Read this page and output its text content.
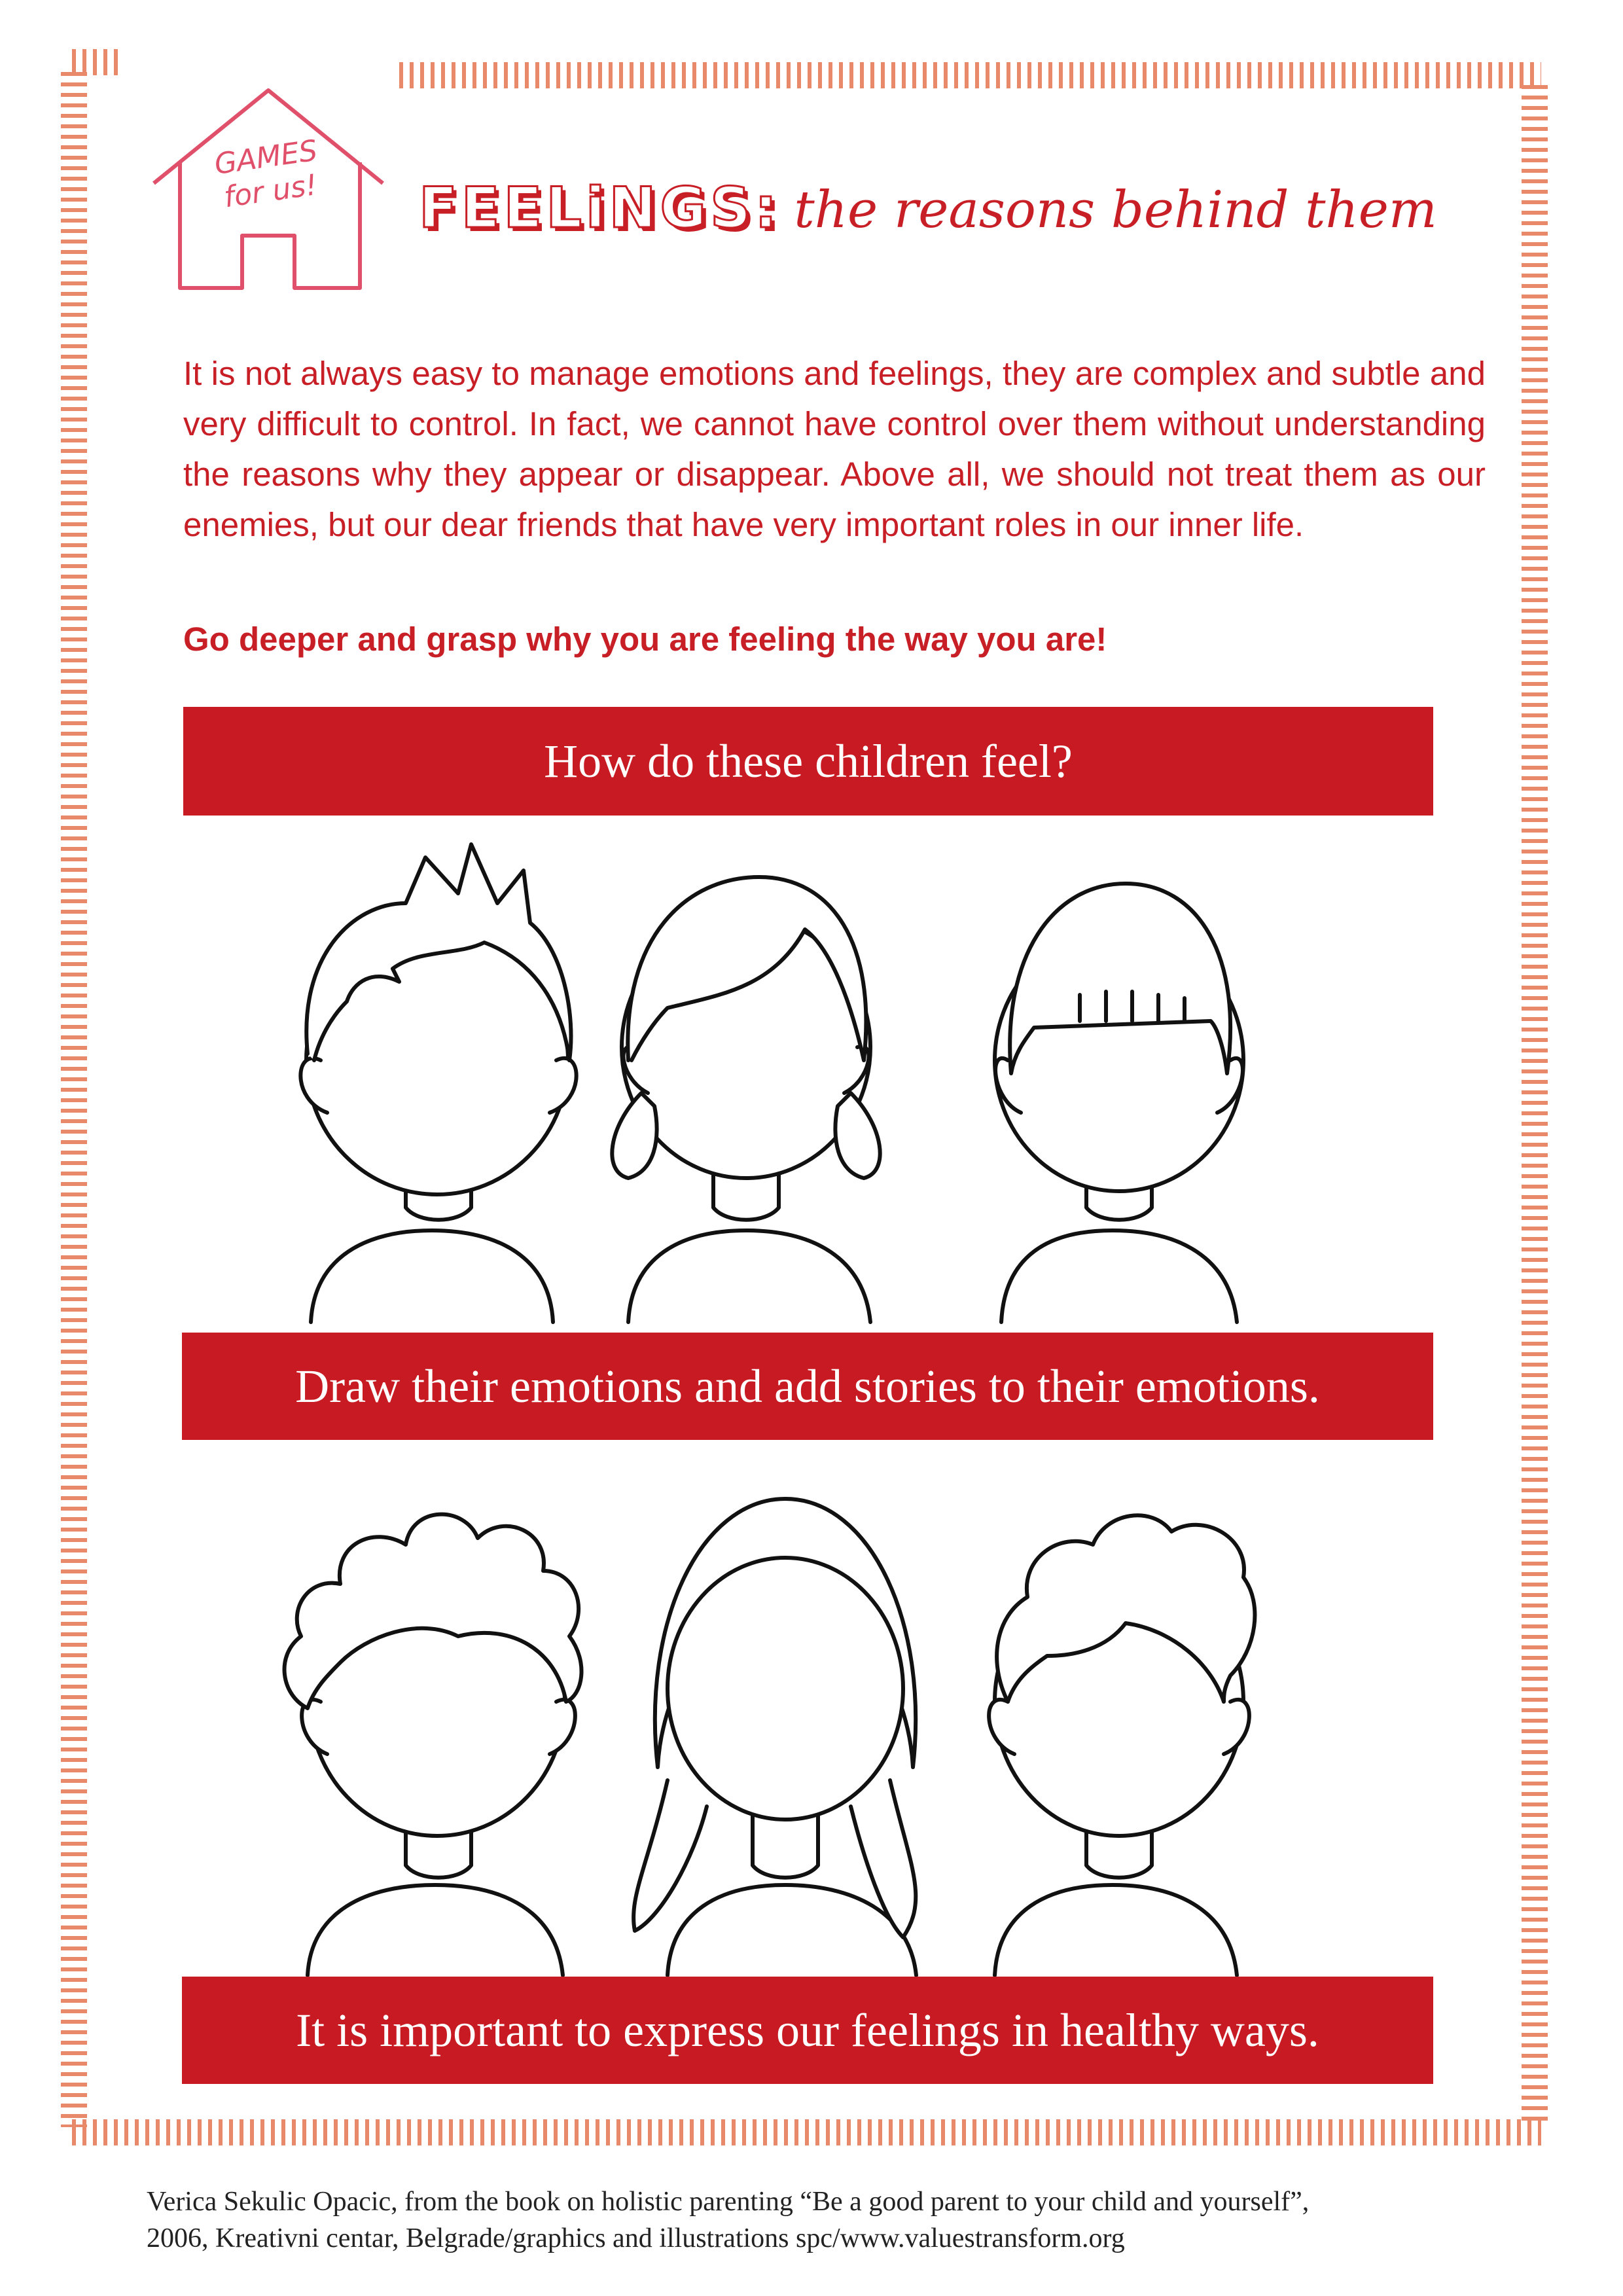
GAMES
for us!	FEELiNGS: the reasons behind them
It is not always easy to manage emotions and feelings, they are complex and subtle and very difficult to control. In fact, we cannot have control over them without understanding the reasons why they appear or disappear. Above all, we should not treat them as our enemies, but our dear friends that have very important roles in our inner life.
Go deeper and grasp why you are feeling the way you are!
How do these children feel?
Draw their emotions and add stories to their emotions.
It is important to express our feelings in healthy ways.
Verica Sekulic Opacic, from the book on holistic parenting “Be a good parent to your child and yourself”,
2006, Kreativni centar, Belgrade/graphics and illustrations spc/www.valuestransform.org
